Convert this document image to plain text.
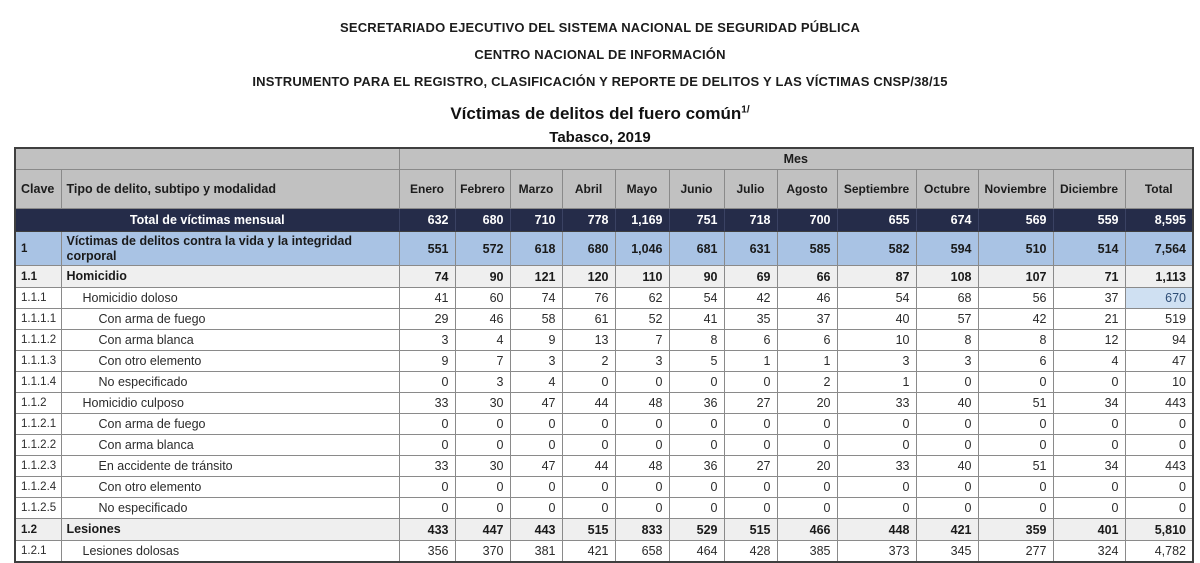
SECRETARIADO EJECUTIVO DEL SISTEMA NACIONAL DE SEGURIDAD PÚBLICA
CENTRO NACIONAL DE INFORMACIÓN
INSTRUMENTO PARA EL REGISTRO, CLASIFICACIÓN Y REPORTE DE DELITOS Y LAS VÍCTIMAS CNSP/38/15
Víctimas de delitos del fuero común$^{1/}$
Tabasco, 2019
		Mes												
Clave	Tipo de delito, subtipo y modalidad	Enero	Febrero	Marzo	Abril	Mayo	Junio	Julio	Agosto	Septiembre	Octubre	Noviembre	Diciembre	Total
Total de víctimas mensual		632	680	710	778	1,169	751	718	700	655	674	569	559	8,595
1	Víctimas de delitos contra la vida y la integridad corporal	551	572	618	680	1,046	681	631	585	582	594	510	514	7,564
1.1	Homicidio	74	90	121	120	110	90	69	66	87	108	107	71	1,113
1.1.1	Homicidio doloso	41	60	74	76	62	54	42	46	54	68	56	37	670
1.1.1.1	Con arma de fuego	29	46	58	61	52	41	35	37	40	57	42	21	519
1.1.1.2	Con arma blanca	3	4	9	13	7	8	6	6	10	8	8	12	94
1.1.1.3	Con otro elemento	9	7	3	2	3	5	1	1	3	3	6	4	47
1.1.1.4	No especificado	0	3	4	0	0	0	0	2	1	0	0	0	10
1.1.2	Homicidio culposo	33	30	47	44	48	36	27	20	33	40	51	34	443
1.1.2.1	Con arma de fuego	0	0	0	0	0	0	0	0	0	0	0	0	0
1.1.2.2	Con arma blanca	0	0	0	0	0	0	0	0	0	0	0	0	0
1.1.2.3	En accidente de tránsito	33	30	47	44	48	36	27	20	33	40	51	34	443
1.1.2.4	Con otro elemento	0	0	0	0	0	0	0	0	0	0	0	0	0
1.1.2.5	No especificado	0	0	0	0	0	0	0	0	0	0	0	0	0
1.2	Lesiones	433	447	443	515	833	529	515	466	448	421	359	401	5,810
1.2.1	Lesiones dolosas	356	370	381	421	658	464	428	385	373	345	277	324	4,782
